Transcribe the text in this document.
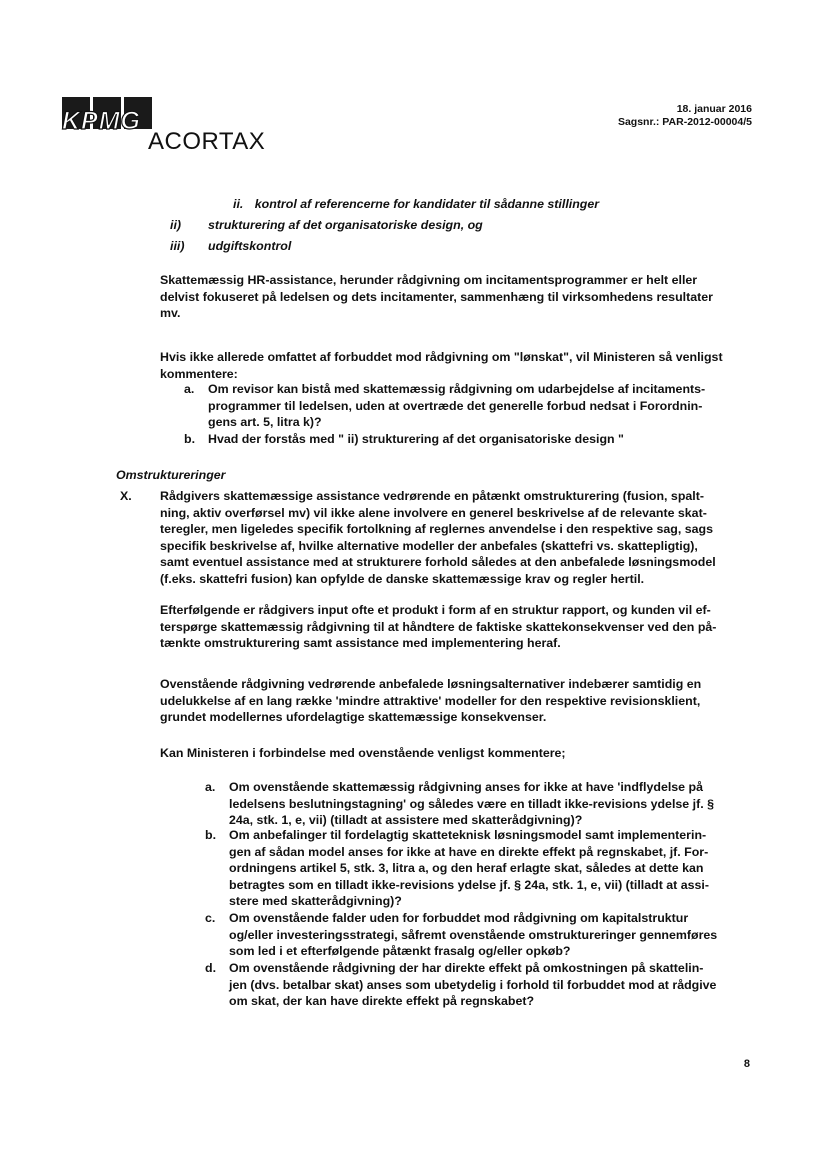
KPMG
ACORTAX
18. januar 2016
Sagsnr.: PAR-2012-00004/5
ii. kontrol af referencerne for kandidater til sådanne stillinger
ii) strukturering af det organisatoriske design, og
iii) udgiftskontrol
Skattemæssig HR-assistance, herunder rådgivning om incitamentsprogrammer er helt eller
delvist fokuseret på ledelsen og dets incitamenter, sammenhæng til virksomhedens resultater
mv.
Hvis ikke allerede omfattet af forbuddet mod rådgivning om "lønskat", vil Ministeren så venligst
kommentere:
a. Om revisor kan bistå med skattemæssig rådgivning om udarbejdelse af incitaments-
programmer til ledelsen, uden at overtræde det generelle forbud nedsat i Forordnin-
gens art. 5, litra k)?
b. Hvad der forstås med " ii) strukturering af det organisatoriske design "
Omstruktureringer
X. Rådgivers skattemæssige assistance vedrørende en påtænkt omstrukturering (fusion, spalt-
ning, aktiv overførsel mv) vil ikke alene involvere en generel beskrivelse af de relevante skat-
teregler, men ligeledes specifik fortolkning af reglernes anvendelse i den respektive sag, sags
specifik beskrivelse af, hvilke alternative modeller der anbefales (skattefri vs. skattepligtig),
samt eventuel assistance med at strukturere forhold således at den anbefalede løsningsmodel
(f.eks. skattefri fusion) kan opfylde de danske skattemæssige krav og regler hertil.
Efterfølgende er rådgivers input ofte et produkt i form af en struktur rapport, og kunden vil ef-
terspørge skattemæssig rådgivning til at håndtere de faktiske skattekonsekvenser ved den på-
tænkte omstrukturering samt assistance med implementering heraf.
Ovenstående rådgivning vedrørende anbefalede løsningsalternativer indebærer samtidig en
udelukkelse af en lang række 'mindre attraktive' modeller for den respektive revisionsklient,
grundet modellernes ufordelagtige skattemæssige konsekvenser.
Kan Ministeren i forbindelse med ovenstående venligst kommentere;
a. Om ovenstående skattemæssig rådgivning anses for ikke at have 'indflydelse på
ledelsens beslutningstagning' og således være en tilladt ikke-revisions ydelse jf. §
24a, stk. 1, e, vii) (tilladt at assistere med skatterådgivning)?
b. Om anbefalinger til fordelagtig skatteteknisk løsningsmodel samt implementerin-
gen af sådan model anses for ikke at have en direkte effekt på regnskabet, jf. For-
ordningens artikel 5, stk. 3, litra a, og den heraf erlagte skat, således at dette kan
betragtes som en tilladt ikke-revisions ydelse jf. § 24a, stk. 1, e, vii) (tilladt at assi-
stere med skatterådgivning)?
c. Om ovenstående falder uden for forbuddet mod rådgivning om kapitalstruktur
og/eller investeringsstrategi, såfremt ovenstående omstruktureringer gennemføres
som led i et efterfølgende påtænkt frasalg og/eller opkøb?
d. Om ovenstående rådgivning der har direkte effekt på omkostningen på skattelin-
jen (dvs. betalbar skat) anses som ubetydelig i forhold til forbuddet mod at rådgive
om skat, der kan have direkte effekt på regnskabet?
8
